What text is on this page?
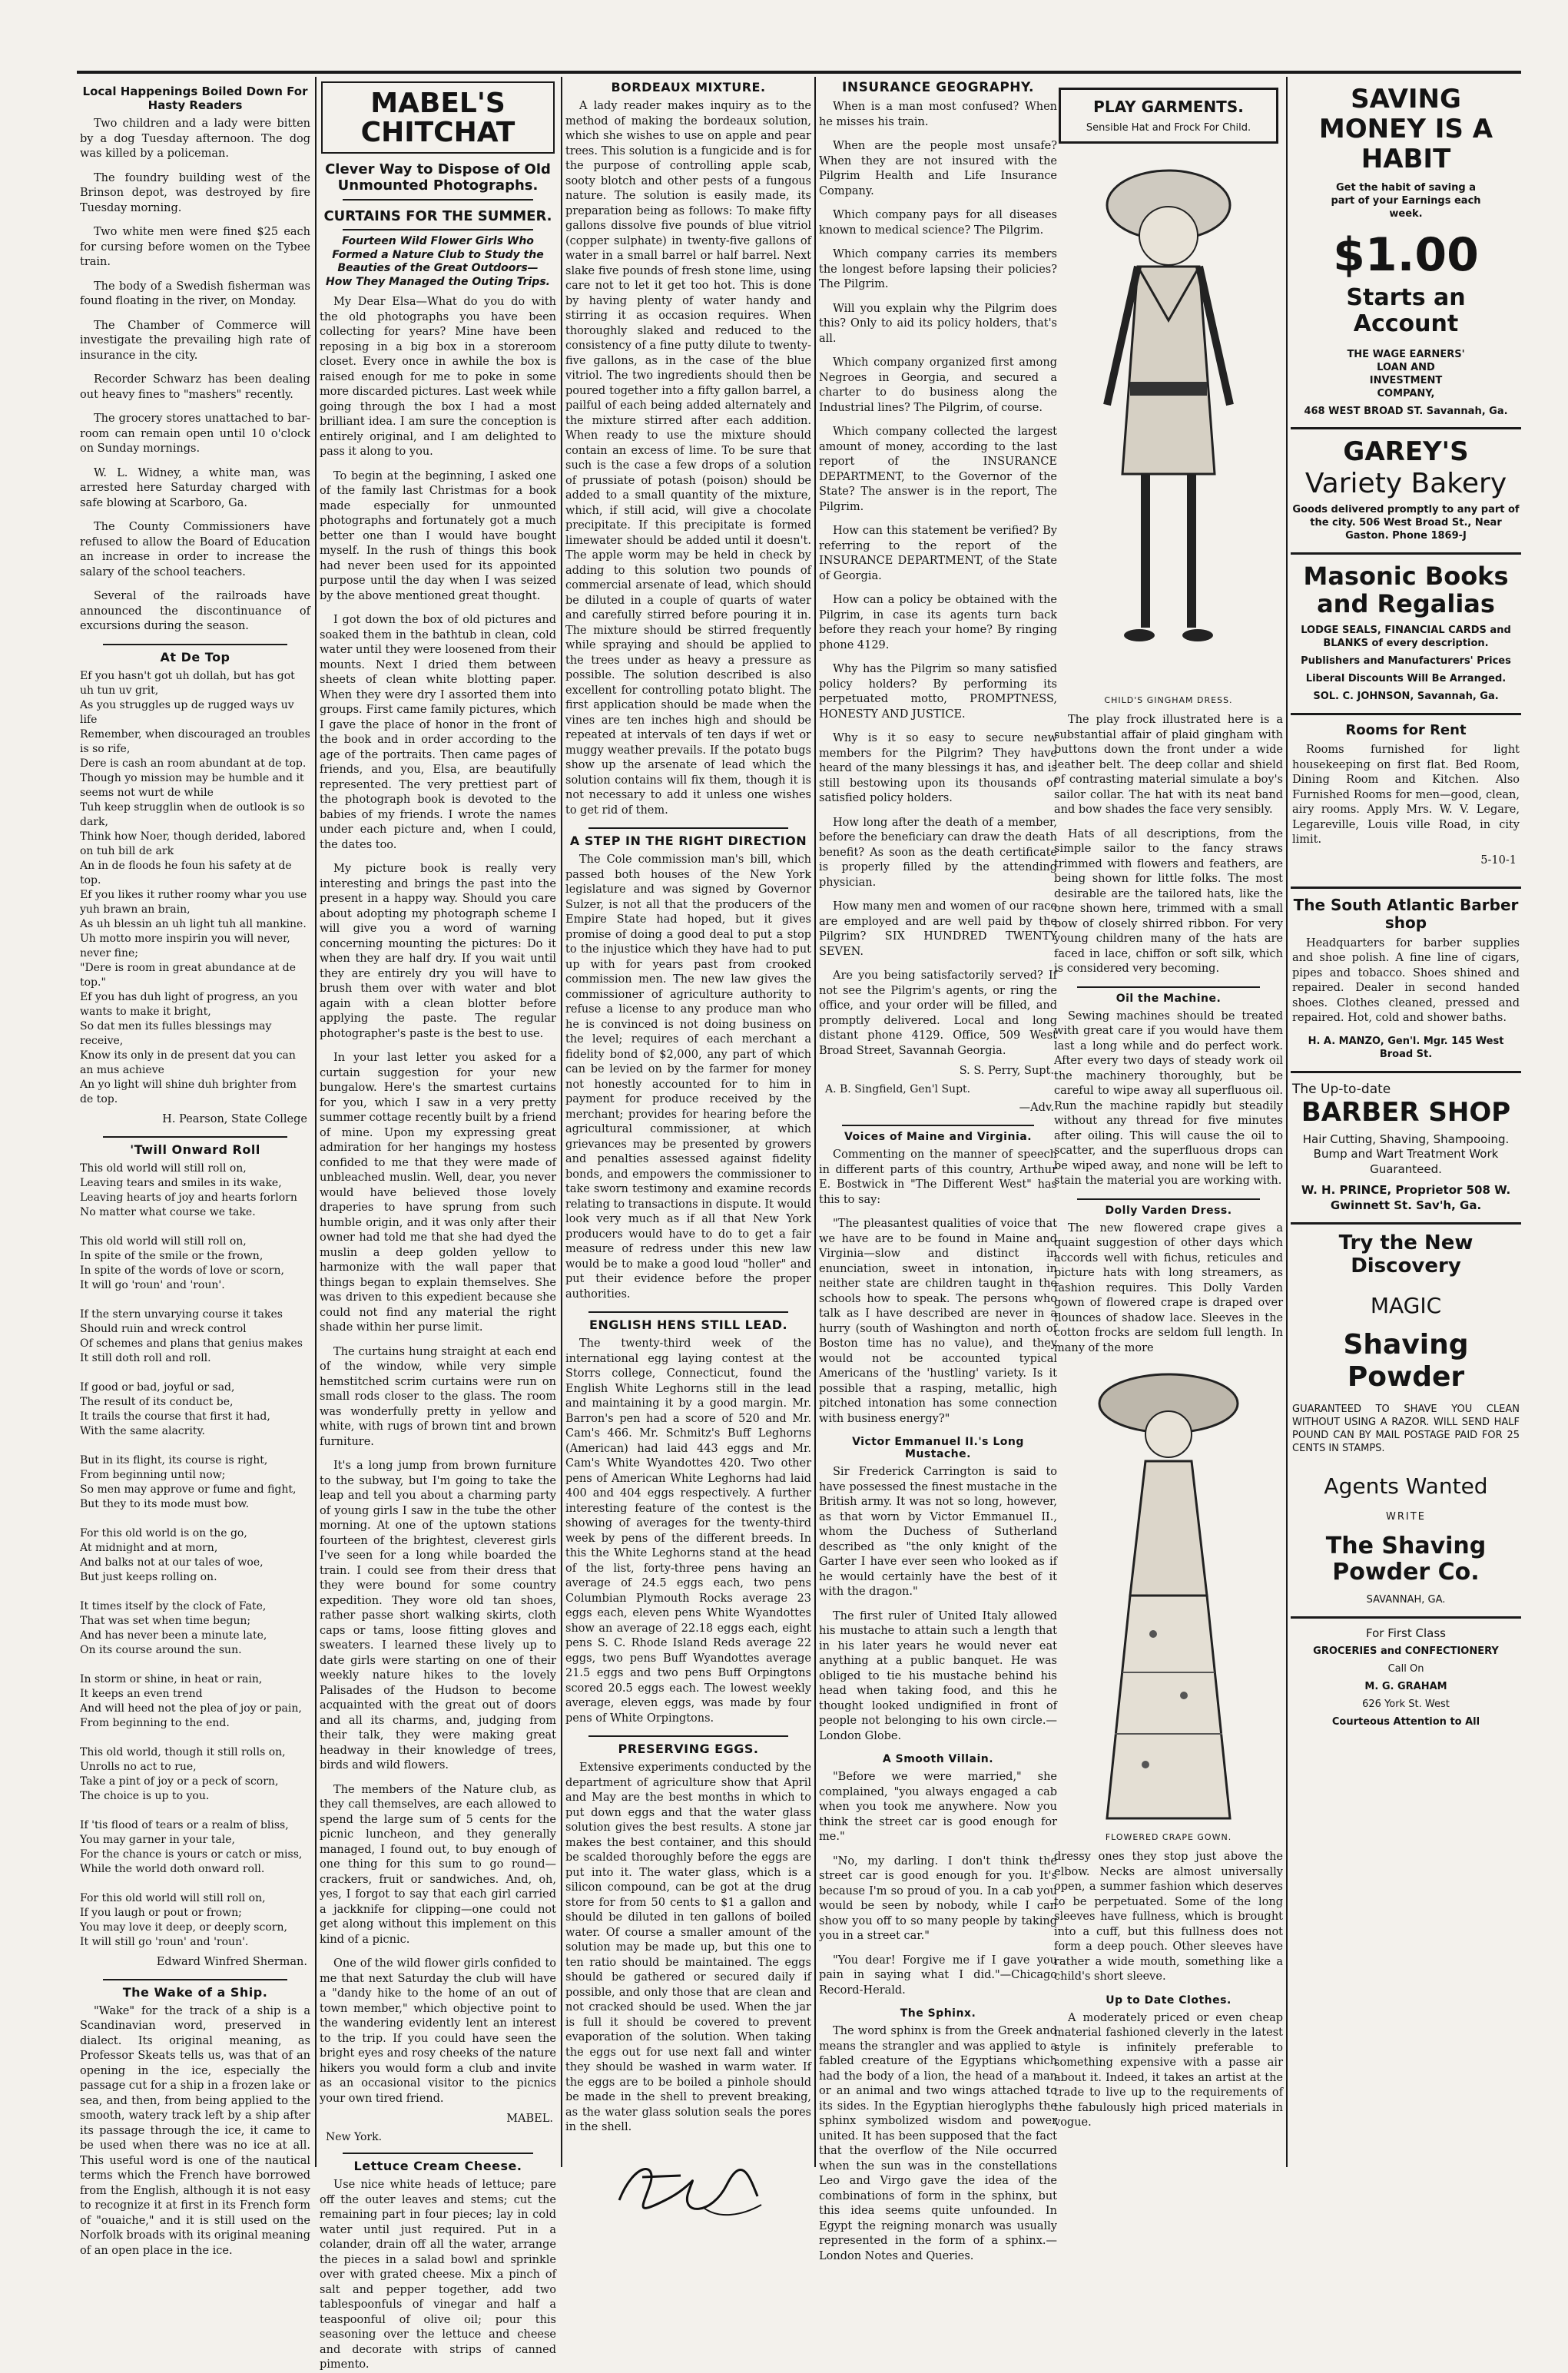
Local Happenings Boiled Down For Hasty Readers
Two children and a lady were bitten by a dog Tuesday afternoon. The dog was killed by a policeman.
The foundry building west of the Brinson depot, was destroyed by fire Tuesday morning.
Two white men were fined $25 each for cursing before women on the Tybee train.
The body of a Swedish fisherman was found floating in the river, on Monday.
The Chamber of Commerce will investigate the prevailing high rate of insurance in the city.
Recorder Schwarz has been dealing out heavy fines to "mashers" recently.
The grocery stores unattached to bar-room can remain open until 10 o'clock on Sunday mornings.
W. L. Widney, a white man, was arrested here Saturday charged with safe blowing at Scarboro, Ga.
The County Commissioners have refused to allow the Board of Education an increase in order to increase the salary of the school teachers.
Several of the railroads have announced the discontinuance of excursions during the season.
At De Top
Ef you hasn't got uh dollah, but has got uh tun uv grit,
As you struggles up de rugged ways uv life
Remember, when discouraged an troubles is so rife,
Dere is cash an room abundant at de top.
Though yo mission may be humble and it seems not wurt de while
Tuh keep strugglin when de outlook is so dark,
Think how Noer, though derided, labored on tuh bill de ark
An in de floods he foun his safety at de top.
Ef you likes it ruther roomy whar you use yuh brawn an brain,
As uh blessin an uh light tuh all mankine.
Uh motto more inspirin you will never, never fine;
"Dere is room in great abundance at de top."
Ef you has duh light of progress, an you wants to make it bright,
So dat men its fulles blessings may receive,
Know its only in de present dat you can an mus achieve
An yo light will shine duh brighter from de top.
H. Pearson, State College
'Twill Onward Roll
This old world will still roll on,
Leaving tears and smiles in its wake,
Leaving hearts of joy and hearts forlorn
No matter what course we take.

This old world will still roll on,
In spite of the smile or the frown,
In spite of the words of love or scorn,
It will go 'roun' and 'roun'.

If the stern unvarying course it takes
Should ruin and wreck control
Of schemes and plans that genius makes
It still doth roll and roll.

If good or bad, joyful or sad,
The result of its conduct be,
It trails the course that first it had,
With the same alacrity.

But in its flight, its course is right,
From beginning until now;
So men may approve or fume and fight,
But they to its mode must bow.

For this old world is on the go,
At midnight and at morn,
And balks not at our tales of woe,
But just keeps rolling on.

It times itself by the clock of Fate,
That was set when time begun;
And has never been a minute late,
On its course around the sun.

In storm or shine, in heat or rain,
It keeps an even trend
And will heed not the plea of joy or pain,
From beginning to the end.

This old world, though it still rolls on,
Unrolls no act to rue,
Take a pint of joy or a peck of scorn,
The choice is up to you.

If 'tis flood of tears or a realm of bliss,
You may garner in your tale,
For the chance is yours or catch or miss,
While the world doth onward roll.

For this old world will still roll on,
If you laugh or pout or frown;
You may love it deep, or deeply scorn,
It will still go 'roun' and 'roun'.
Edward Winfred Sherman.
The Wake of a Ship.
"Wake" for the track of a ship is a Scandinavian word, preserved in dialect. Its original meaning, as Professor Skeats tells us, was that of an opening in the ice, especially the passage cut for a ship in a frozen lake or sea, and then, from being applied to the smooth, watery track left by a ship after its passage through the ice, it came to be used when there was no ice at all. This useful word is one of the nautical terms which the French have borrowed from the English, although it is not easy to recognize it at first in its French form of "ouaiche," and it is still used on the Norfolk broads with its original meaning of an open place in the ice.
MABEL'S CHITCHAT
Clever Way to Dispose of Old Unmounted Photographs.
CURTAINS FOR THE SUMMER.
Fourteen Wild Flower Girls Who Formed a Nature Club to Study the Beauties of the Great Outdoors—How They Managed the Outing Trips.
My Dear Elsa—What do you do with the old photographs you have been collecting for years? Mine have been reposing in a big box in a storeroom closet. Every once in awhile the box is raised enough for me to poke in some more discarded pictures. Last week while going through the box I had a most brilliant idea. I am sure the conception is entirely original, and I am delighted to pass it along to you.
To begin at the beginning, I asked one of the family last Christmas for a book made especially for unmounted photographs and fortunately got a much better one than I would have bought myself. In the rush of things this book had never been used for its appointed purpose until the day when I was seized by the above mentioned great thought.
I got down the box of old pictures and soaked them in the bathtub in clean, cold water until they were loosened from their mounts. Next I dried them between sheets of clean white blotting paper. When they were dry I assorted them into groups. First came family pictures, which I gave the place of honor in the front of the book and in order according to the age of the portraits. Then came pages of friends, and you, Elsa, are beautifully represented. The very prettiest part of the photograph book is devoted to the babies of my friends. I wrote the names under each picture and, when I could, the dates too.
My picture book is really very interesting and brings the past into the present in a happy way. Should you care about adopting my photograph scheme I will give you a word of warning concerning mounting the pictures: Do it when they are half dry. If you wait until they are entirely dry you will have to brush them over with water and blot again with a clean blotter before applying the paste. The regular photographer's paste is the best to use.
In your last letter you asked for a curtain suggestion for your new bungalow. Here's the smartest curtains for you, which I saw in a very pretty summer cottage recently built by a friend of mine. Upon my expressing great admiration for her hangings my hostess confided to me that they were made of unbleached muslin. Well, dear, you never would have believed those lovely draperies to have sprung from such humble origin, and it was only after their owner had told me that she had dyed the muslin a deep golden yellow to harmonize with the wall paper that things began to explain themselves. She was driven to this expedient because she could not find any material the right shade within her purse limit.
The curtains hung straight at each end of the window, while very simple hemstitched scrim curtains were run on small rods closer to the glass. The room was wonderfully pretty in yellow and white, with rugs of brown tint and brown furniture.
It's a long jump from brown furniture to the subway, but I'm going to take the leap and tell you about a charming party of young girls I saw in the tube the other morning. At one of the uptown stations fourteen of the brightest, cleverest girls I've seen for a long while boarded the train. I could see from their dress that they were bound for some country expedition. They wore old tan shoes, rather passe short walking skirts, cloth caps or tams, loose fitting gloves and sweaters. I learned these lively up to date girls were starting on one of their weekly nature hikes to the lovely Palisades of the Hudson to become acquainted with the great out of doors and all its charms, and, judging from their talk, they were making great headway in their knowledge of trees, birds and wild flowers.
The members of the Nature club, as they call themselves, are each allowed to spend the large sum of 5 cents for the picnic luncheon, and they generally managed, I found out, to buy enough of one thing for this sum to go round—crackers, fruit or sandwiches. And, oh, yes, I forgot to say that each girl carried a jackknife for clipping—one could not get along without this implement on this kind of a picnic.
One of the wild flower girls confided to me that next Saturday the club will have a "dandy hike to the home of an out of town member," which objective point to the wandering evidently lent an interest to the trip. If you could have seen the bright eyes and rosy cheeks of the nature hikers you would form a club and invite as an occasional visitor to the picnics your own tired friend.
MABEL.
New York.
Lettuce Cream Cheese.
Use nice white heads of lettuce; pare off the outer leaves and stems; cut the remaining part in four pieces; lay in cold water until just required. Put in a colander, drain off all the water, arrange the pieces in a salad bowl and sprinkle over with grated cheese. Mix a pinch of salt and pepper together, add two tablespoonfuls of vinegar and half a teaspoonful of olive oil; pour this seasoning over the lettuce and cheese and decorate with strips of canned pimento.
BORDEAUX MIXTURE.
A lady reader makes inquiry as to the method of making the bordeaux solution, which she wishes to use on apple and pear trees. This solution is a fungicide and is for the purpose of controlling apple scab, sooty blotch and other pests of a fungous nature. The solution is easily made, its preparation being as follows: To make fifty gallons dissolve five pounds of blue vitriol (copper sulphate) in twenty-five gallons of water in a small barrel or half barrel. Next slake five pounds of fresh stone lime, using care not to let it get too hot. This is done by having plenty of water handy and stirring it as occasion requires. When thoroughly slaked and reduced to the consistency of a fine putty dilute to twenty-five gallons, as in the case of the blue vitriol. The two ingredients should then be poured together into a fifty gallon barrel, a pailful of each being added alternately and the mixture stirred after each addition. When ready to use the mixture should contain an excess of lime. To be sure that such is the case a few drops of a solution of prussiate of potash (poison) should be added to a small quantity of the mixture, which, if still acid, will give a chocolate precipitate. If this precipitate is formed limewater should be added until it doesn't. The apple worm may be held in check by adding to this solution two pounds of commercial arsenate of lead, which should be diluted in a couple of quarts of water and carefully stirred before pouring it in. The mixture should be stirred frequently while spraying and should be applied to the trees under as heavy a pressure as possible. The solution described is also excellent for controlling potato blight. The first application should be made when the vines are ten inches high and should be repeated at intervals of ten days if wet or muggy weather prevails. If the potato bugs show up the arsenate of lead which the solution contains will fix them, though it is not necessary to add it unless one wishes to get rid of them.
A STEP IN THE RIGHT DIRECTION
The Cole commission man's bill, which passed both houses of the New York legislature and was signed by Governor Sulzer, is not all that the producers of the Empire State had hoped, but it gives promise of doing a good deal to put a stop to the injustice which they have had to put up with for years past from crooked commission men. The new law gives the commissioner of agriculture authority to refuse a license to any produce man who he is convinced is not doing business on the level; requires of each merchant a fidelity bond of $2,000, any part of which can be levied on by the farmer for money not honestly accounted for to him in payment for produce received by the merchant; provides for hearing before the agricultural commissioner, at which grievances may be presented by growers and penalties assessed against fidelity bonds, and empowers the commissioner to take sworn testimony and examine records relating to transactions in dispute. It would look very much as if all that New York producers would have to do to get a fair measure of redress under this new law would be to make a good loud "holler" and put their evidence before the proper authorities.
ENGLISH HENS STILL LEAD.
The twenty-third week of the international egg laying contest at the Storrs college, Connecticut, found the English White Leghorns still in the lead and maintaining it by a good margin. Mr. Barron's pen had a score of 520 and Mr. Cam's 466. Mr. Schmitz's Buff Leghorns (American) had laid 443 eggs and Mr. Cam's White Wyandottes 420. Two other pens of American White Leghorns had laid 400 and 404 eggs respectively. A further interesting feature of the contest is the showing of averages for the twenty-third week by pens of the different breeds. In this the White Leghorns stand at the head of the list, forty-three pens having an average of 24.5 eggs each, two pens Columbian Plymouth Rocks average 23 eggs each, eleven pens White Wyandottes show an average of 22.18 eggs each, eight pens S. C. Rhode Island Reds average 22 eggs, two pens Buff Wyandottes average 21.5 eggs and two pens Buff Orpingtons scored 20.5 eggs each. The lowest weekly average, eleven eggs, was made by four pens of White Orpingtons.
PRESERVING EGGS.
Extensive experiments conducted by the department of agriculture show that April and May are the best months in which to put down eggs and that the water glass solution gives the best results. A stone jar makes the best container, and this should be scalded thoroughly before the eggs are put into it. The water glass, which is a silicon compound, can be got at the drug store for from 50 cents to $1 a gallon and should be diluted in ten gallons of boiled water. Of course a smaller amount of the solution may be made up, but this one to ten ratio should be maintained. The eggs should be gathered or secured daily if possible, and only those that are clean and not cracked should be used. When the jar is full it should be covered to prevent evaporation of the solution. When taking the eggs out for use next fall and winter they should be washed in warm water. If the eggs are to be boiled a pinhole should be made in the shell to prevent breaking, as the water glass solution seals the pores in the shell.
INSURANCE GEOGRAPHY.
When is a man most confused? When he misses his train.
When are the people most unsafe? When they are not insured with the Pilgrim Health and Life Insurance Company.
Which company pays for all diseases known to medical science? The Pilgrim.
Which company carries its members the longest before lapsing their policies? The Pilgrim.
Will you explain why the Pilgrim does this? Only to aid its policy holders, that's all.
Which company organized first among Negroes in Georgia, and secured a charter to do business along the Industrial lines? The Pilgrim, of course.
Which company collected the largest amount of money, according to the last report of the INSURANCE DEPARTMENT, to the Governor of the State? The answer is in the report, The Pilgrim.
How can this statement be verified? By referring to the report of the INSURANCE DEPARTMENT, of the State of Georgia.
How can a policy be obtained with the Pilgrim, in case its agents turn back before they reach your home? By ringing phone 4129.
Why has the Pilgrim so many satisfied policy holders? By performing its perpetuated motto, PROMPTNESS, HONESTY AND JUSTICE.
Why is it so easy to secure new members for the Pilgrim? They have heard of the many blessings it has, and is still bestowing upon its thousands of satisfied policy holders.
How long after the death of a member, before the beneficiary can draw the death benefit? As soon as the death certificate is properly filled by the attending physician.
How many men and women of our race are employed and are well paid by the Pilgrim? SIX HUNDRED TWENTY SEVEN.
Are you being satisfactorily served? If not see the Pilgrim's agents, or ring the office, and your order will be filled, and promptly delivered. Local and long distant phone 4129. Office, 509 West Broad Street, Savannah Georgia.
S. S. Perry, Supt.
A. B. Singfield, Gen'l Supt.
—Adv.
Voices of Maine and Virginia.
Commenting on the manner of speech in different parts of this country, Arthur E. Bostwick in "The Different West" has this to say:
"The pleasantest qualities of voice that we have are to be found in Maine and Virginia—slow and distinct in enunciation, sweet in intonation, in neither state are children taught in the schools how to speak. The persons who talk as I have described are never in a hurry (south of Washington and north of Boston time has no value), and they would not be accounted typical Americans of the 'hustling' variety. Is it possible that a rasping, metallic, high pitched intonation has some connection with business energy?"
Victor Emmanuel II.'s Long Mustache.
Sir Frederick Carrington is said to have possessed the finest mustache in the British army. It was not so long, however, as that worn by Victor Emmanuel II., whom the Duchess of Sutherland described as "the only knight of the Garter I have ever seen who looked as if he would certainly have the best of it with the dragon."
The first ruler of United Italy allowed his mustache to attain such a length that in his later years he would never eat anything at a public banquet. He was obliged to tie his mustache behind his head when taking food, and this he thought looked undignified in front of people not belonging to his own circle.—London Globe.
A Smooth Villain.
"Before we were married," she complained, "you always engaged a cab when you took me anywhere. Now you think the street car is good enough for me."
"No, my darling. I don't think the street car is good enough for you. It's because I'm so proud of you. In a cab you would be seen by nobody, while I can show you off to so many people by taking you in a street car."
"You dear! Forgive me if I gave you pain in saying what I did."—Chicago Record-Herald.
The Sphinx.
The word sphinx is from the Greek and means the strangler and was applied to a fabled creature of the Egyptians which had the body of a lion, the head of a man or an animal and two wings attached to its sides. In the Egyptian hieroglyphs the sphinx symbolized wisdom and power united. It has been supposed that the fact that the overflow of the Nile occurred when the sun was in the constellations Leo and Virgo gave the idea of the combinations of form in the sphinx, but this idea seems quite unfounded. In Egypt the reigning monarch was usually represented in the form of a sphinx.—London Notes and Queries.
PLAY GARMENTS.
Sensible Hat and Frock For Child.
CHILD'S GINGHAM DRESS.
The play frock illustrated here is a substantial affair of plaid gingham with buttons down the front under a wide leather belt. The deep collar and shield of contrasting material simulate a boy's sailor collar. The hat with its neat band and bow shades the face very sensibly.
Hats of all descriptions, from the simple sailor to the fancy straws trimmed with flowers and feathers, are being shown for little folks. The most desirable are the tailored hats, like the one shown here, trimmed with a small bow of closely shirred ribbon. For very young children many of the hats are faced in lace, chiffon or soft silk, which is considered very becoming.
Oil the Machine.
Sewing machines should be treated with great care if you would have them last a long while and do perfect work. After every two days of steady work oil the machinery thoroughly, but be careful to wipe away all superfluous oil. Run the machine rapidly but steadily without any thread for five minutes after oiling. This will cause the oil to scatter, and the superfluous drops can be wiped away, and none will be left to stain the material you are working with.
Dolly Varden Dress.
The new flowered crape gives a quaint suggestion of other days which accords well with fichus, reticules and picture hats with long streamers, as fashion requires. This Dolly Varden gown of flowered crape is draped over flounces of shadow lace. Sleeves in the cotton frocks are seldom full length. In many of the more
FLOWERED CRAPE GOWN.
dressy ones they stop just above the elbow. Necks are almost universally open, a summer fashion which deserves to be perpetuated. Some of the long sleeves have fullness, which is brought into a cuff, but this fullness does not form a deep pouch. Other sleeves have rather a wide mouth, something like a child's short sleeve.
Up to Date Clothes.
A moderately priced or even cheap material fashioned cleverly in the latest style is infinitely preferable to something expensive with a passe air about it. Indeed, it takes an artist at the trade to live up to the requirements of the fabulously high priced materials in vogue.
SAVING MONEY IS A HABIT
Get the habit of saving a part of your Earnings each week.
$1.00
Starts an Account
THE WAGE EARNERS' LOAN AND INVESTMENT COMPANY,
468 WEST BROAD ST. Savannah, Ga.
GAREY'S
Variety Bakery
Goods delivered promptly to any part of the city. 506 West Broad St., Near Gaston. Phone 1869-J
Masonic Books and Regalias
LODGE SEALS, FINANCIAL CARDS and BLANKS of every description.
Publishers and Manufacturers' Prices
Liberal Discounts Will Be Arranged.
SOL. C. JOHNSON, Savannah, Ga.
Rooms for Rent
Rooms furnished for light housekeeping on first flat. Bed Room, Dining Room and Kitchen. Also Furnished Rooms for men—good, clean, airy rooms. Apply Mrs. W. V. Legare, Legareville, Louis ville Road, in city limit.
5-10-1
The South Atlantic Barber shop
Headquarters for barber supplies and shoe polish. A fine line of cigars, pipes and tobacco. Shoes shined and repaired. Dealer in second handed shoes. Clothes cleaned, pressed and repaired. Hot, cold and shower baths.
H. A. MANZO, Gen'l. Mgr. 145 West Broad St.
The Up-to-date
BARBER SHOP
Hair Cutting, Shaving, Shampooing. Bump and Wart Treatment Work Guaranteed.
W. H. PRINCE, Proprietor 508 W. Gwinnett St. Sav'h, Ga.
Try the New Discovery
MAGIC
Shaving Powder
GUARANTEED TO SHAVE YOU CLEAN WITHOUT USING A RAZOR. WILL SEND HALF POUND CAN BY MAIL POSTAGE PAID FOR 25 CENTS IN STAMPS.
Agents Wanted
WRITE
The Shaving Powder Co.
SAVANNAH, GA.
For First Class
GROCERIES and CONFECTIONERY
Call On
M. G. GRAHAM
626 York St. West
Courteous Attention to All
